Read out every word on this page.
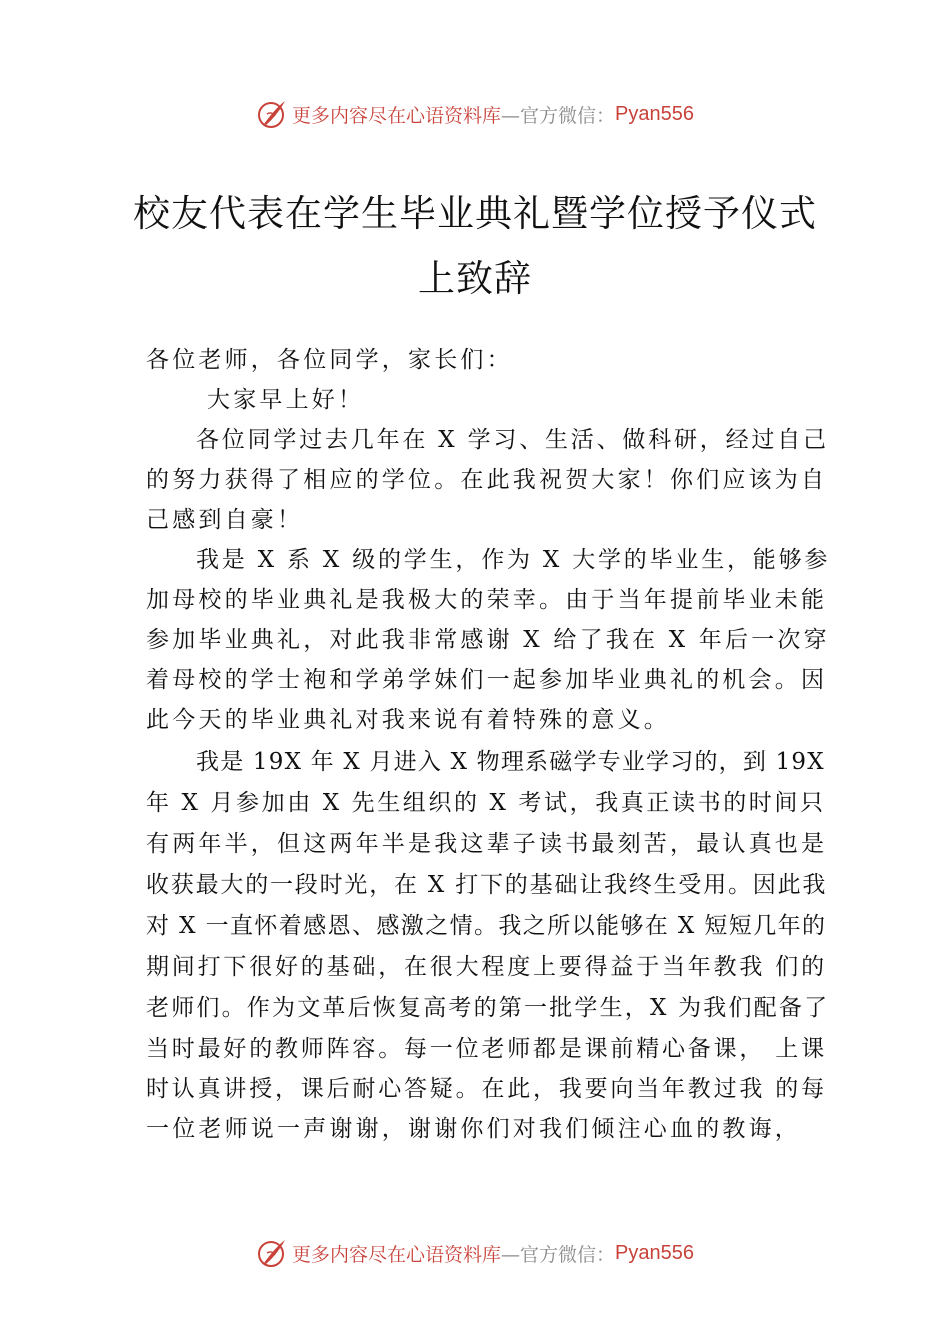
更多内容尽在心语资料库 —官方微信： Pyan556
校友代表在学生毕业典礼暨学位授予仪式
上致辞
各位老师，各位同学，家长们：
大家早上好！
各位同学过去几年在 X 学习、生活、做科研，经过自己
的努力获得了相应的学位。在此我祝贺大家！你们应该为自
己感到自豪！
我是 X 系 X 级的学生，作为 X 大学的毕业生，能够参
加母校的毕业典礼是我极大的荣幸。由于当年提前毕业未能
参加毕业典礼，对此我非常感谢 X 给了我在 X 年后一次穿
着母校的学士袍和学弟学妹们一起参加毕业典礼的机会。因
此今天的毕业典礼对我来说有着特殊的意义。
我是 19X 年 X 月进入 X 物理系磁学专业学习的，到 19X
年 X 月参加由 X 先生组织的 X 考试，我真正读书的时间只
有两年半，但这两年半是我这辈子读书最刻苦，最认真也是
收获最大的一段时光，在 X 打下的基础让我终生受用。因此我
对 X 一直怀着感恩、感激之情。我之所以能够在 X 短短几年的
期间打下很好的基础，在很大程度上要得益于当年教我 们的
老师们。作为文革后恢复高考的第一批学生，X 为我们配备了
当时最好的教师阵容。每一位老师都是课前精心备课， 上课
时认真讲授，课后耐心答疑。在此，我要向当年教过我 的每
一位老师说一声谢谢，谢谢你们对我们倾注心血的教诲，
更多内容尽在心语资料库 —官方微信： Pyan556
